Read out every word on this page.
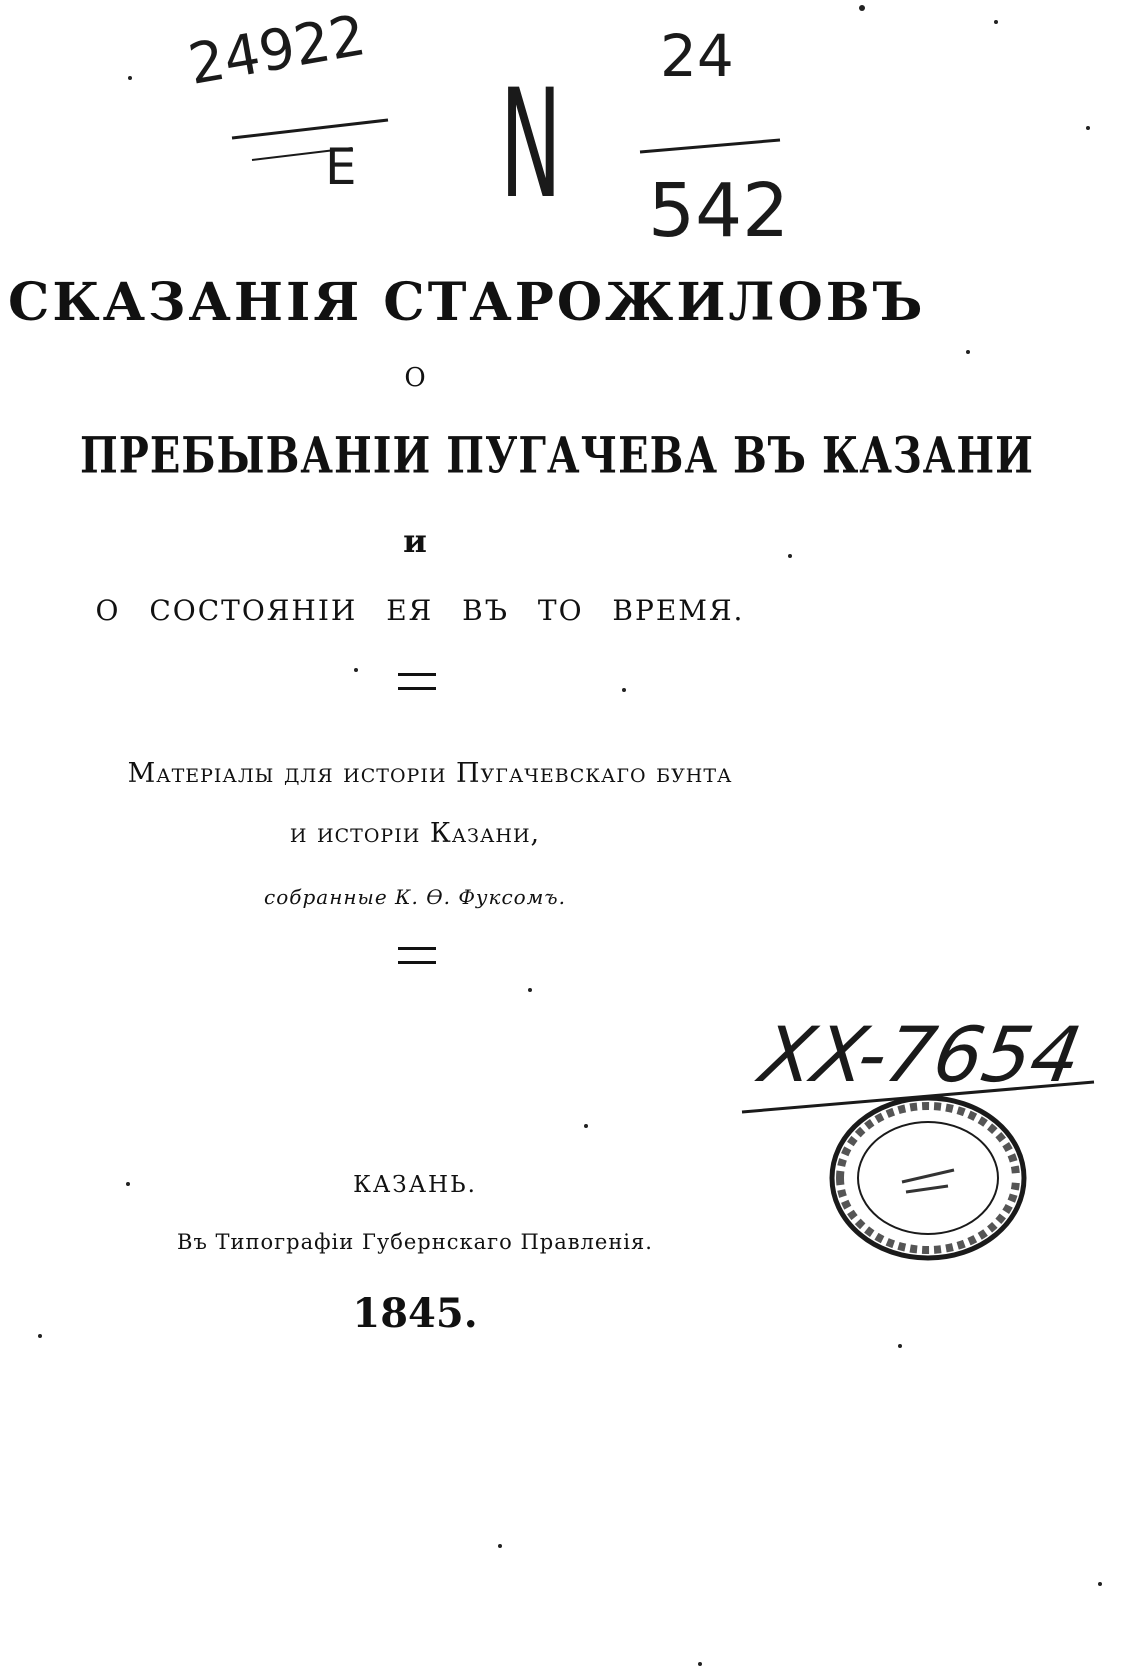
24922
E N
24
542
СКАЗАНІЯ СТАРОЖИЛОВЪ
О
ПРЕБЫВАНІИ ПУГАЧЕВА ВЪ КАЗАНИ
и
О СОСТОЯНІИ ЕЯ ВЪ ТО ВРЕМЯ.
Матеріалы для исторіи Пугачевскаго бунта
и исторіи Казани,
собранные К. Ѳ. Фуксомъ.
XX-7654
КАЗАНЬ.
Въ Типографіи Губернскаго Правленія.
1845.
